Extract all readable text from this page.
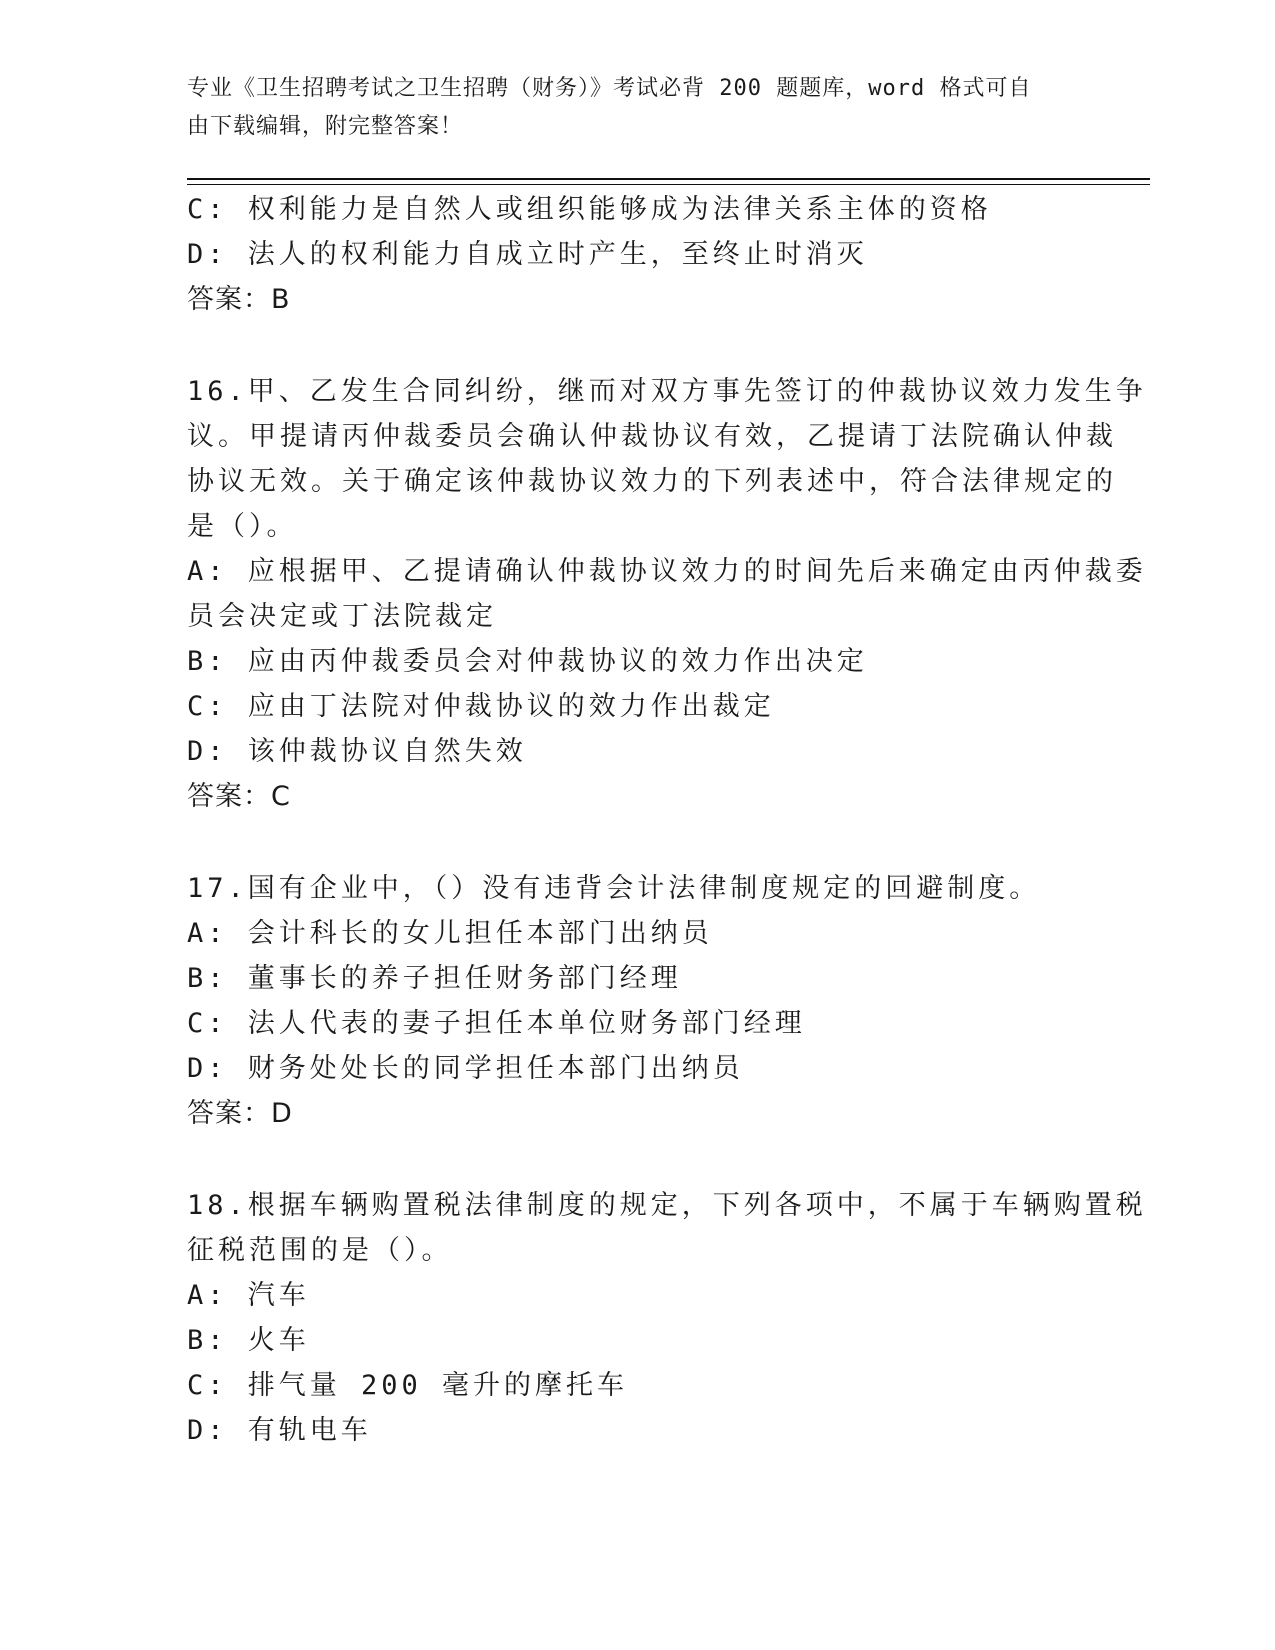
专业《卫生招聘考试之卫生招聘（财务）》考试必背 200 题题库，word 格式可自
由下载编辑，附完整答案！
C: 权利能力是自然人或组织能够成为法律关系主体的资格
D: 法人的权利能力自成立时产生，至终止时消灭
答案：B
16.甲、乙发生合同纠纷，继而对双方事先签订的仲裁协议效力发生争
议。甲提请丙仲裁委员会确认仲裁协议有效，乙提请丁法院确认仲裁
协议无效。关于确定该仲裁协议效力的下列表述中，符合法律规定的
是（）。
A: 应根据甲、乙提请确认仲裁协议效力的时间先后来确定由丙仲裁委
员会决定或丁法院裁定
B: 应由丙仲裁委员会对仲裁协议的效力作出决定
C: 应由丁法院对仲裁协议的效力作出裁定
D: 该仲裁协议自然失效
答案：C
17.国有企业中，（）没有违背会计法律制度规定的回避制度。
A: 会计科长的女儿担任本部门出纳员
B: 董事长的养子担任财务部门经理
C: 法人代表的妻子担任本单位财务部门经理
D: 财务处处长的同学担任本部门出纳员
答案：D
18.根据车辆购置税法律制度的规定，下列各项中，不属于车辆购置税
征税范围的是（）。
A: 汽车
B: 火车
C: 排气量 200 毫升的摩托车
D: 有轨电车
